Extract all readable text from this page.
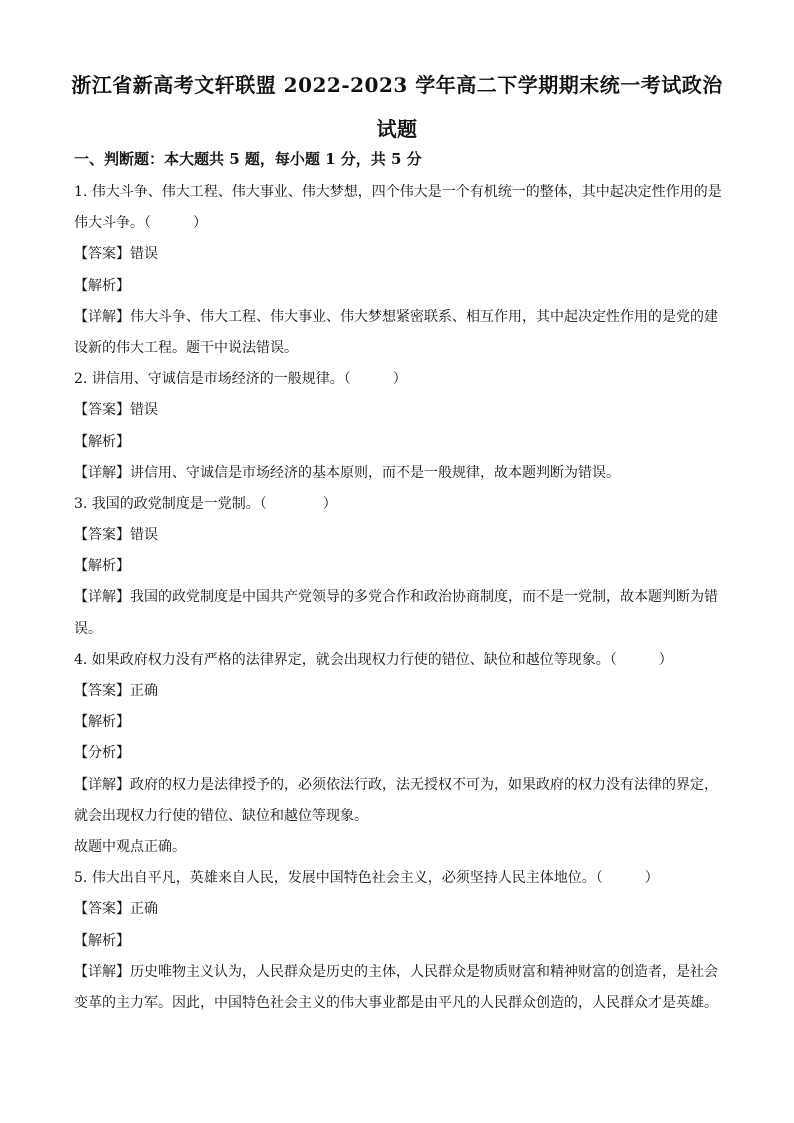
浙江省新高考文轩联盟 2022-2023 学年高二下学期期末统一考试政治
试题
一、判断题：本大题共 5 题，每小题 1 分，共 5 分
1. 伟大斗争、伟大工程、伟大事业、伟大梦想，四个伟大是一个有机统一的整体，其中起决定性作用的是
伟大斗争。（　　　）
【答案】错误
【解析】
【详解】伟大斗争、伟大工程、伟大事业、伟大梦想紧密联系、相互作用，其中起决定性作用的是党的建
设新的伟大工程。题干中说法错误。
2. 讲信用、守诚信是市场经济的一般规律。（　　　）
【答案】错误
【解析】
【详解】讲信用、守诚信是市场经济的基本原则，而不是一般规律，故本题判断为错误。
3. 我国的政党制度是一党制。（　　　　）
【答案】错误
【解析】
【详解】我国的政党制度是中国共产党领导的多党合作和政治协商制度，而不是一党制，故本题判断为错
误。
4. 如果政府权力没有严格的法律界定，就会出现权力行使的错位、缺位和越位等现象。（　　　）
【答案】正确
【解析】
【分析】
【详解】政府的权力是法律授予的，必须依法行政，法无授权不可为，如果政府的权力没有法律的界定，
就会出现权力行使的错位、缺位和越位等现象。
故题中观点正确。
5. 伟大出自平凡，英雄来自人民，发展中国特色社会主义，必须坚持人民主体地位。（　　　）
【答案】正确
【解析】
【详解】历史唯物主义认为，人民群众是历史的主体，人民群众是物质财富和精神财富的创造者，是社会
变革的主力军。因此，中国特色社会主义的伟大事业都是由平凡的人民群众创造的，人民群众才是英雄。
